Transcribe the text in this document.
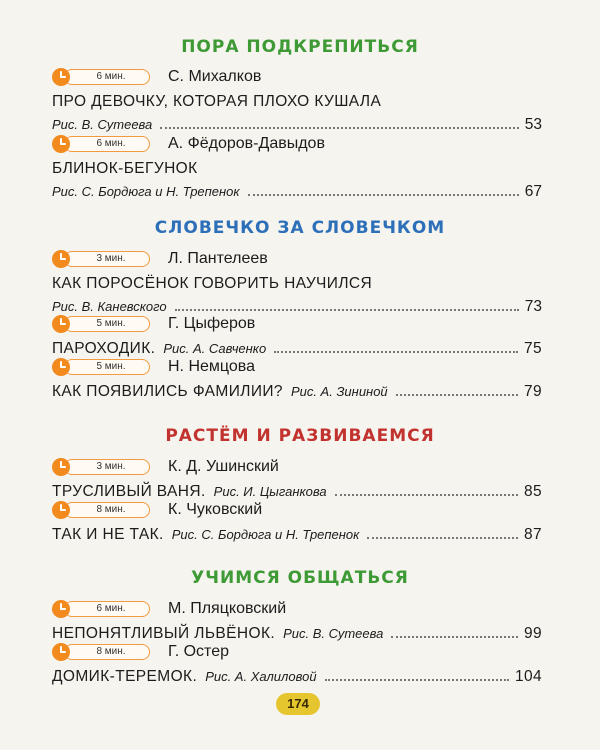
ПОРА ПОДКРЕПИТЬСЯ
6 мин.	С. Михалков
ПРО ДЕВОЧКУ, КОТОРАЯ ПЛОХО КУШАЛА
Рис. В. Сутеева	53
6 мин.	А. Фёдоров-Давыдов
БЛИНОК-БЕГУНОК
Рис. С. Бордюга и Н. Трепенок	67
СЛОВЕЧКО ЗА СЛОВЕЧКОМ
3 мин.	Л. Пантелеев
КАК ПОРОСЁНОК ГОВОРИТЬ НАУЧИЛСЯ
Рис. В. Каневского	73
5 мин.	Г. Цыферов
ПАРОХОДИК. Рис. А. Савченко	75
5 мин.	Н. Немцова
КАК ПОЯВИЛИСЬ ФАМИЛИИ? Рис. А. Зининой	79
РАСТЁМ И РАЗВИВАЕМСЯ
3 мин.	К. Д. Ушинский
ТРУСЛИВЫЙ ВАНЯ. Рис. И. Цыганкова	85
8 мин.	К. Чуковский
ТАК И НЕ ТАК. Рис. С. Бордюга и Н. Трепенок	87
УЧИМСЯ ОБЩАТЬСЯ
6 мин.	М. Пляцковский
НЕПОНЯТЛИВЫЙ ЛЬВЁНОК. Рис. В. Сутеева	99
8 мин.	Г. Остер
ДОМИК-ТЕРЕМОК. Рис. А. Халиловой	104
174
